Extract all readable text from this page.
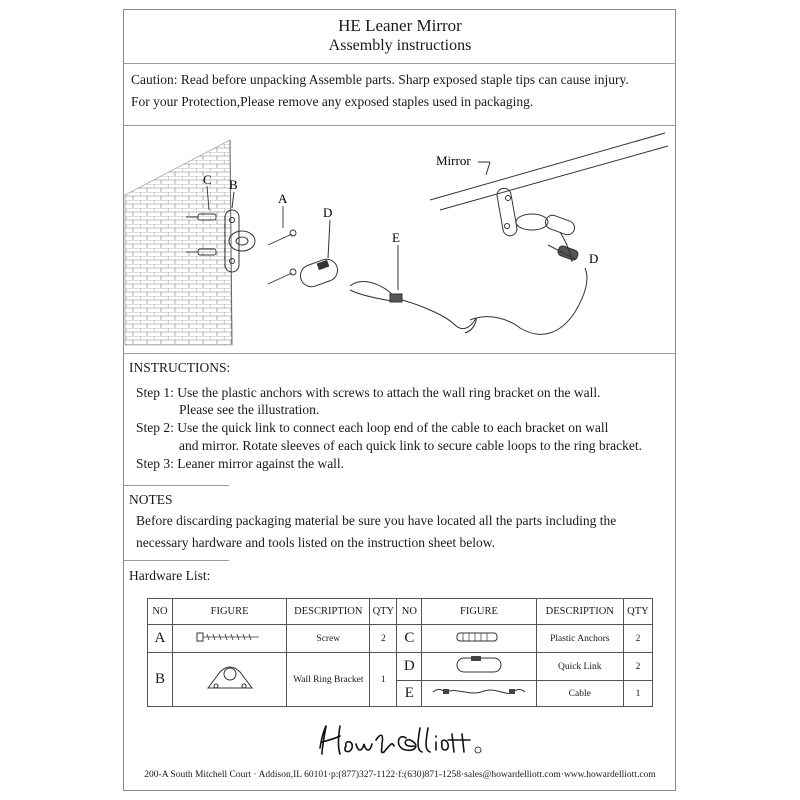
HE Leaner Mirror
Assembly instructions
Caution: Read before unpacking Assemble parts. Sharp exposed staple tips can cause injury.
For your Protection,Please remove any exposed staples used in packaging.
Mirror
C B
A
D
E
D
INSTRUCTIONS:
Step 1: Use the plastic anchors with screws to attach the wall ring bracket on the wall.
Please see the illustration.
Step 2: Use the quick link to connect each loop end of the cable to each bracket on wall
and mirror. Rotate sleeves of each quick link to secure cable loops to the ring bracket.
Step 3: Leaner mirror against the wall.
NOTES
Before discarding packaging material be sure you have located all the parts including the
necessary hardware and tools listed on the instruction sheet below.
Hardware List:
NO	FIGURE	DESCRIPTION	QTY	NO	FIGURE	DESCRIPTION	QTY
A		Screw	2	C		Plastic Anchors	2
B		Wall Ring Bracket	1	D		Quick Link	2
				E		Cable	1
200-A South Mitchell Court · Addison,IL 60101·p:(877)327-1122·f:(630)871-1258·sales@howardelliott.com·www.howardelliott.com
